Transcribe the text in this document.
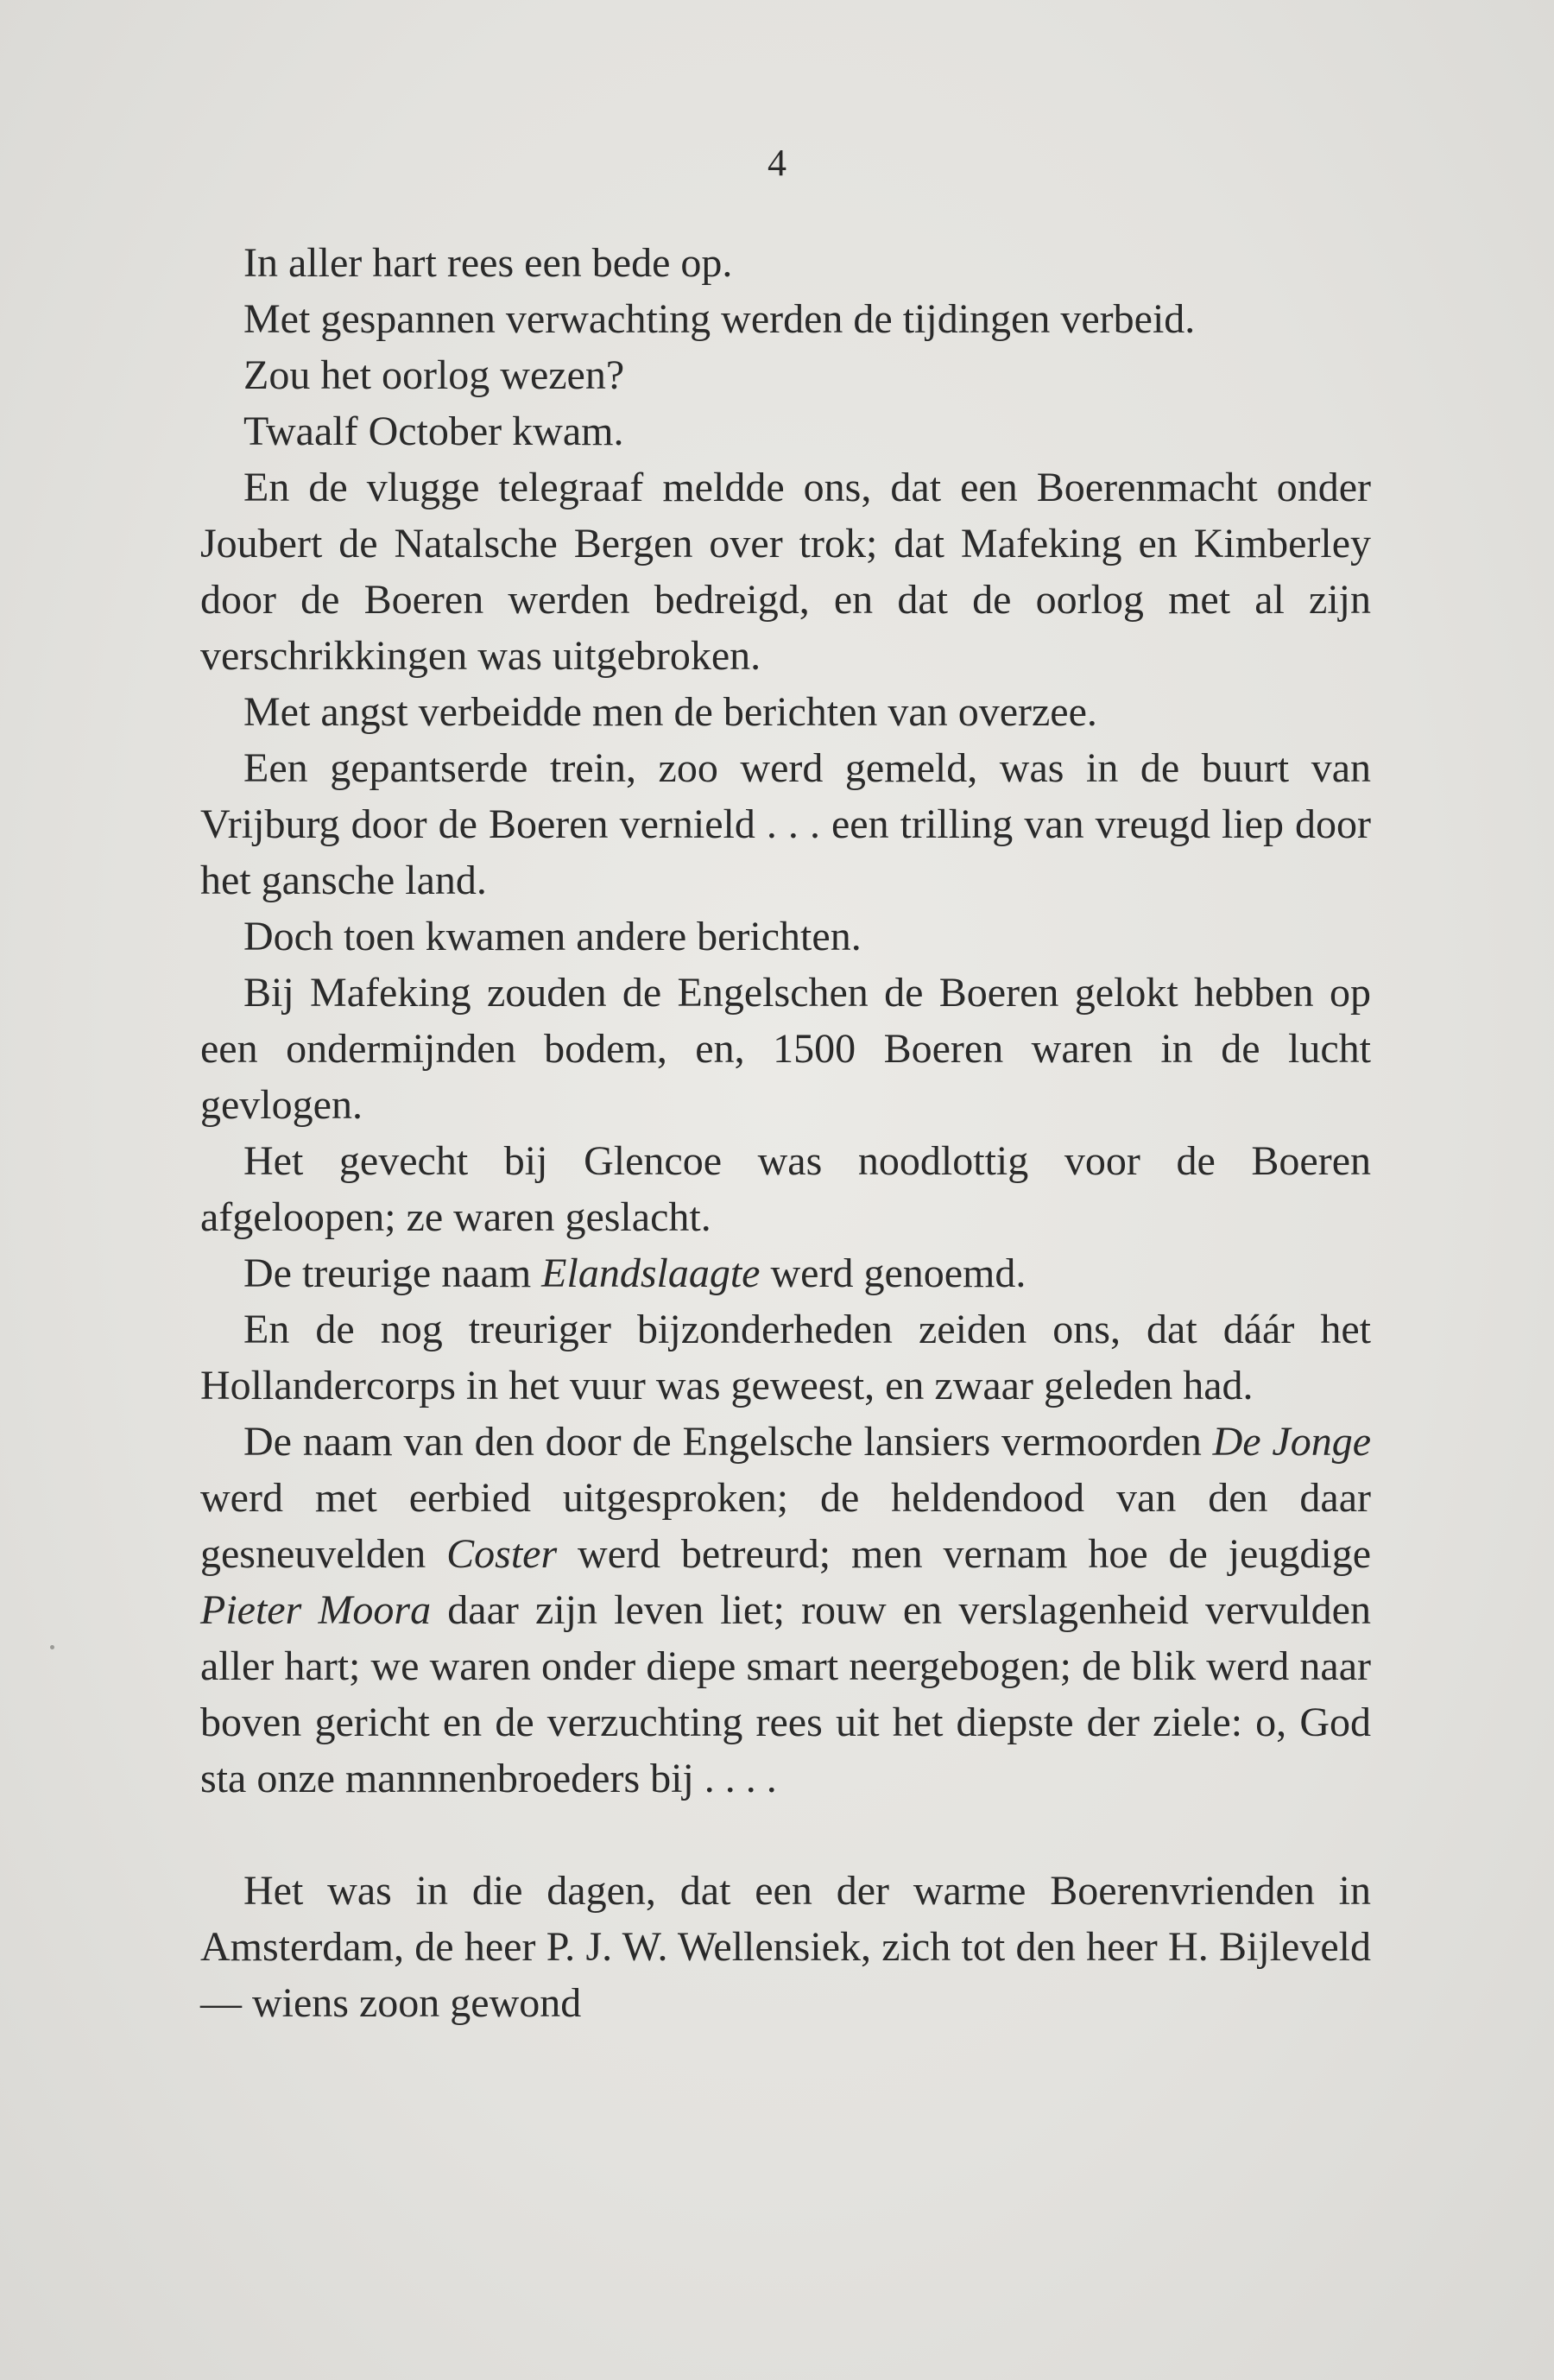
4

In aller hart rees een bede op.

Met gespannen verwachting werden de tijdingen verbeid.

Zou het oorlog wezen?

Twaalf October kwam.

En de vlugge telegraaf meldde ons, dat een Boerenmacht onder Joubert de Natalsche Bergen over trok; dat Mafeking en Kimberley door de Boeren werden bedreigd, en dat de oorlog met al zijn verschrikkingen was uitgebroken.

Met angst verbeidde men de berichten van overzee.

Een gepantserde trein, zoo werd gemeld, was in de buurt van Vrijburg door de Boeren vernield . . . een trilling van vreugd liep door het gansche land.

Doch toen kwamen andere berichten.

Bij Mafeking zouden de Engelschen de Boeren gelokt hebben op een ondermijnden bodem, en, 1500 Boeren waren in de lucht gevlogen.

Het gevecht bij Glencoe was noodlottig voor de Boeren afgeloopen; ze waren geslacht.

De treurige naam Elandslaagte werd genoemd.

En de nog treuriger bijzonderheden zeiden ons, dat dáár het Hollandercorps in het vuur was geweest, en zwaar geleden had.

De naam van den door de Engelsche lansiers vermoorden De Jonge werd met eerbied uitgesproken; de heldendood van den daar gesneuvelden Coster werd betreurd; men vernam hoe de jeugdige Pieter Moora daar zijn leven liet; rouw en verslagenheid vervulden aller hart; we waren onder diepe smart neergebogen; de blik werd naar boven gericht en de verzuchting rees uit het diepste der ziele: o, God sta onze mannnenbroeders bij . . . .

Het was in die dagen, dat een der warme Boerenvrienden in Amsterdam, de heer P. J. W. Wellensiek, zich tot den heer H. Bijleveld — wiens zoon gewond
